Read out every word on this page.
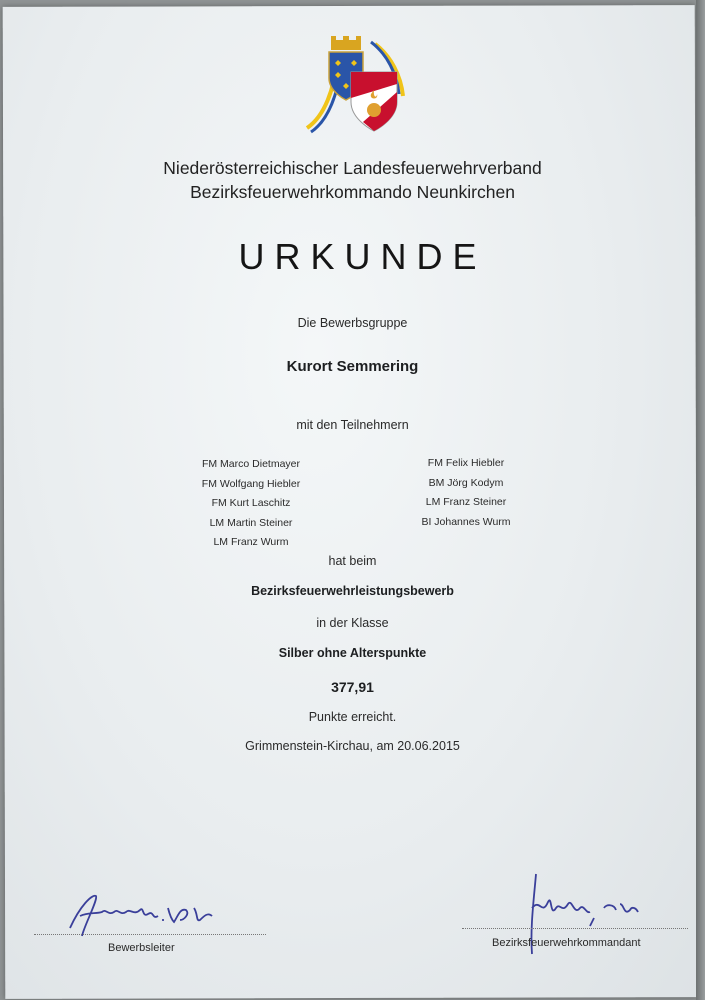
Niederösterreichischer Landesfeuerwehrverband
Bezirksfeuerwehrkommando Neunkirchen
URKUNDE
Die Bewerbsgruppe
Kurort Semmering
mit den Teilnehmern
FM Marco Dietmayer
FM Wolfgang Hiebler
FM Kurt Laschitz
LM Martin Steiner
LM Franz Wurm
FM Felix Hiebler
BM Jörg Kodym
LM Franz Steiner
BI Johannes Wurm
hat beim
Bezirksfeuerwehrleistungsbewerb
in der Klasse
Silber ohne Alterspunkte
377,91
Punkte erreicht.
Grimmenstein-Kirchau, am 20.06.2015
Bewerbsleiter	Bezirksfeuerwehrkommandant
